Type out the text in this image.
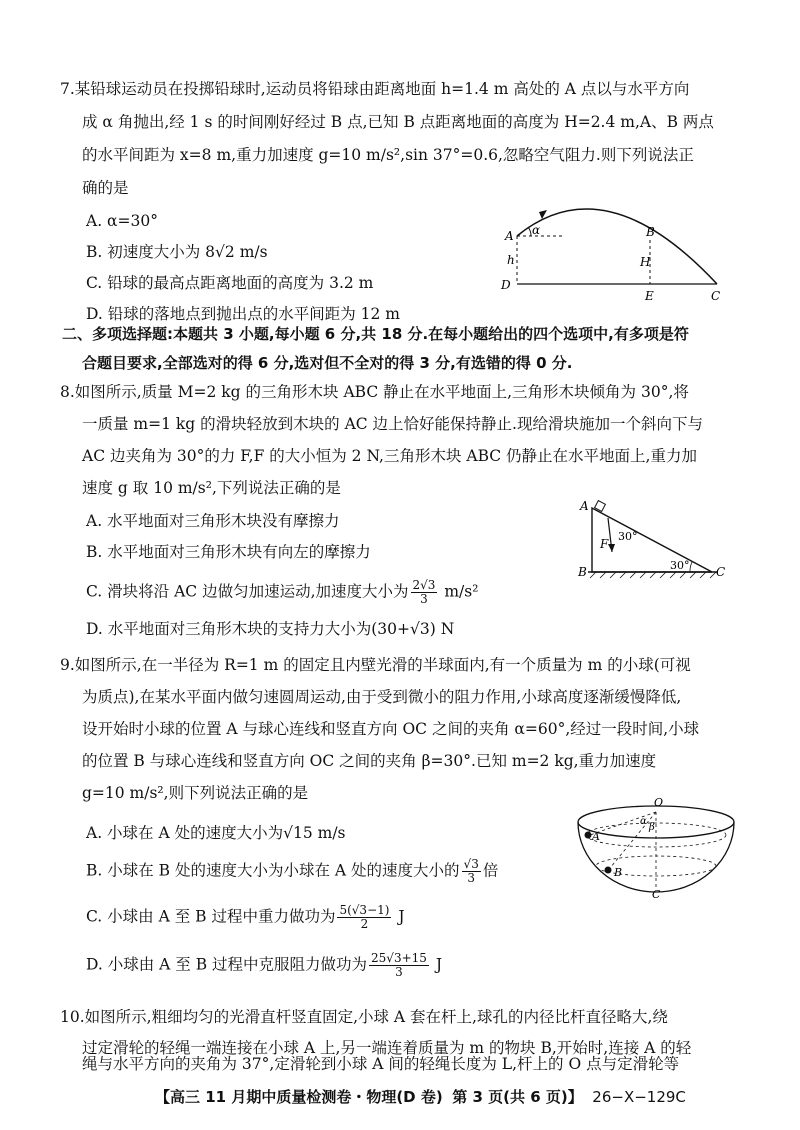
7.某铅球运动员在投掷铅球时,运动员将铅球由距离地面 h=1.4 m 高处的 A 点以与水平方向
成 α 角抛出,经 1 s 的时间刚好经过 B 点,已知 B 点距离地面的高度为 H=2.4 m,A、B 两点
的水平间距为 x=8 m,重力加速度 g=10 m/s²,sin 37°=0.6,忽略空气阻力.则下列说法正
确的是
A. α=30°
B. 初速度大小为 8√2 m/s
C. 铅球的最高点距离地面的高度为 3.2 m
D. 铅球的落地点到抛出点的水平间距为 12 m
A α	B
H
h
D
E	C
二、多项选择题:本题共 3 小题,每小题 6 分,共 18 分.在每小题给出的四个选项中,有多项是符
合题目要求,全部选对的得 6 分,选对但不全对的得 3 分,有选错的得 0 分.
8.如图所示,质量 M=2 kg 的三角形木块 ABC 静止在水平地面上,三角形木块倾角为 30°,将
一质量 m=1 kg 的滑块轻放到木块的 AC 边上恰好能保持静止.现给滑块施加一个斜向下与
AC 边夹角为 30°的力 F,F 的大小恒为 2 N,三角形木块 ABC 仍静止在水平地面上,重力加
速度 g 取 10 m/s²,下列说法正确的是
A. 水平地面对三角形木块没有摩擦力
B. 水平地面对三角形木块有向左的摩擦力
C. 滑块将沿 AC 边做匀加速运动,加速度大小为 $\frac{2√3}{3} m/s^2$
D. 水平地面对三角形木块的支持力大小为(30+√3) N
A
F
30°
30°
B	C
9.如图所示,在一半径为 R=1 m 的固定且内壁光滑的半球面内,有一个质量为 m 的小球(可视
为质点),在某水平面内做匀速圆周运动,由于受到微小的阻力作用,小球高度逐渐缓慢降低,
设开始时小球的位置 A 与球心连线和竖直方向 OC 之间的夹角 α=60°,经过一段时间,小球
的位置 B 与球心连线和竖直方向 OC 之间的夹角 β=30°.已知 m=2 kg,重力加速度
g=10 m/s²,则下列说法正确的是
A. 小球在 A 处的速度大小为√15 m/s
B. 小球在 B 处的速度大小为小球在 A 处的速度大小的 $\frac{√3}{3}$ 倍
C. 小球由 A 至 B 过程中重力做功为 $\frac{5(√3-1)}{2}$ J
D. 小球由 A 至 B 过程中克服阻力做功为 $\frac{25√3+15}{3}$ J
O
α
β
A
B
C
10.如图所示,粗细均匀的光滑直杆竖直固定,小球 A 套在杆上,球孔的内径比杆直径略大,绕
过定滑轮的轻绳一端连接在小球 A 上,另一端连着质量为 m 的物块 B,开始时,连接 A 的轻
【高三 11 月期中质量检测卷・物理(D 卷) 第 3 页(共 6 页)】 26−X−129C
绳与水平方向的夹角为 37°,定滑轮到小球 A 间的轻绳长度为 L,杆上的 O 点与定滑轮等
